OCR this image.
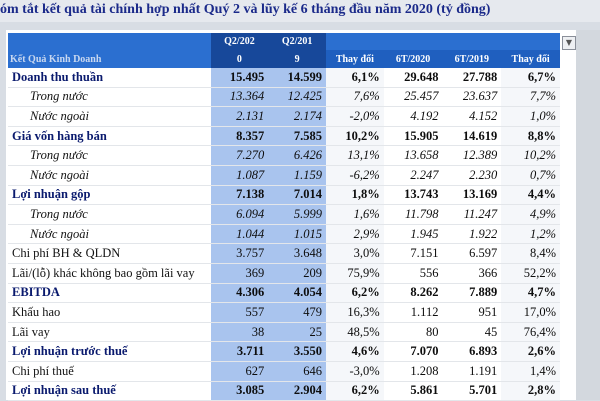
óm tắt kết quả tài chính hợp nhất Quý 2 và lũy kế 6 tháng đầu năm 2020 (tỷ đồng)
	Q2/202	Q2/201				
Kết Quả Kinh Doanh	0	9	Thay đổi	6T/2020	6T/2019	Thay đổi
Doanh thu thuần	15.495	14.599	6,1%	29.648	27.788	6,7%
Trong nước	13.364	12.425	7,6%	25.457	23.637	7,7%
Nước ngoài	2.131	2.174	-2,0%	4.192	4.152	1,0%
Giá vốn hàng bán	8.357	7.585	10,2%	15.905	14.619	8,8%
Trong nước	7.270	6.426	13,1%	13.658	12.389	10,2%
Nước ngoài	1.087	1.159	-6,2%	2.247	2.230	0,7%
Lợi nhuận gộp	7.138	7.014	1,8%	13.743	13.169	4,4%
Trong nước	6.094	5.999	1,6%	11.798	11.247	4,9%
Nước ngoài	1.044	1.015	2,9%	1.945	1.922	1,2%
Chi phí BH & QLDN	3.757	3.648	3,0%	7.151	6.597	8,4%
Lãi/(lỗ) khác không bao gồm lãi vay	369	209	75,9%	556	366	52,2%
EBITDA	4.306	4.054	6,2%	8.262	7.889	4,7%
Khấu hao	557	479	16,3%	1.112	951	17,0%
Lãi vay	38	25	48,5%	80	45	76,4%
Lợi nhuận trước thuế	3.711	3.550	4,6%	7.070	6.893	2,6%
Chi phí thuế	627	646	-3,0%	1.208	1.191	1,4%
Lợi nhuận sau thuế	3.085	2.904	6,2%	5.861	5.701	2,8%
▼
